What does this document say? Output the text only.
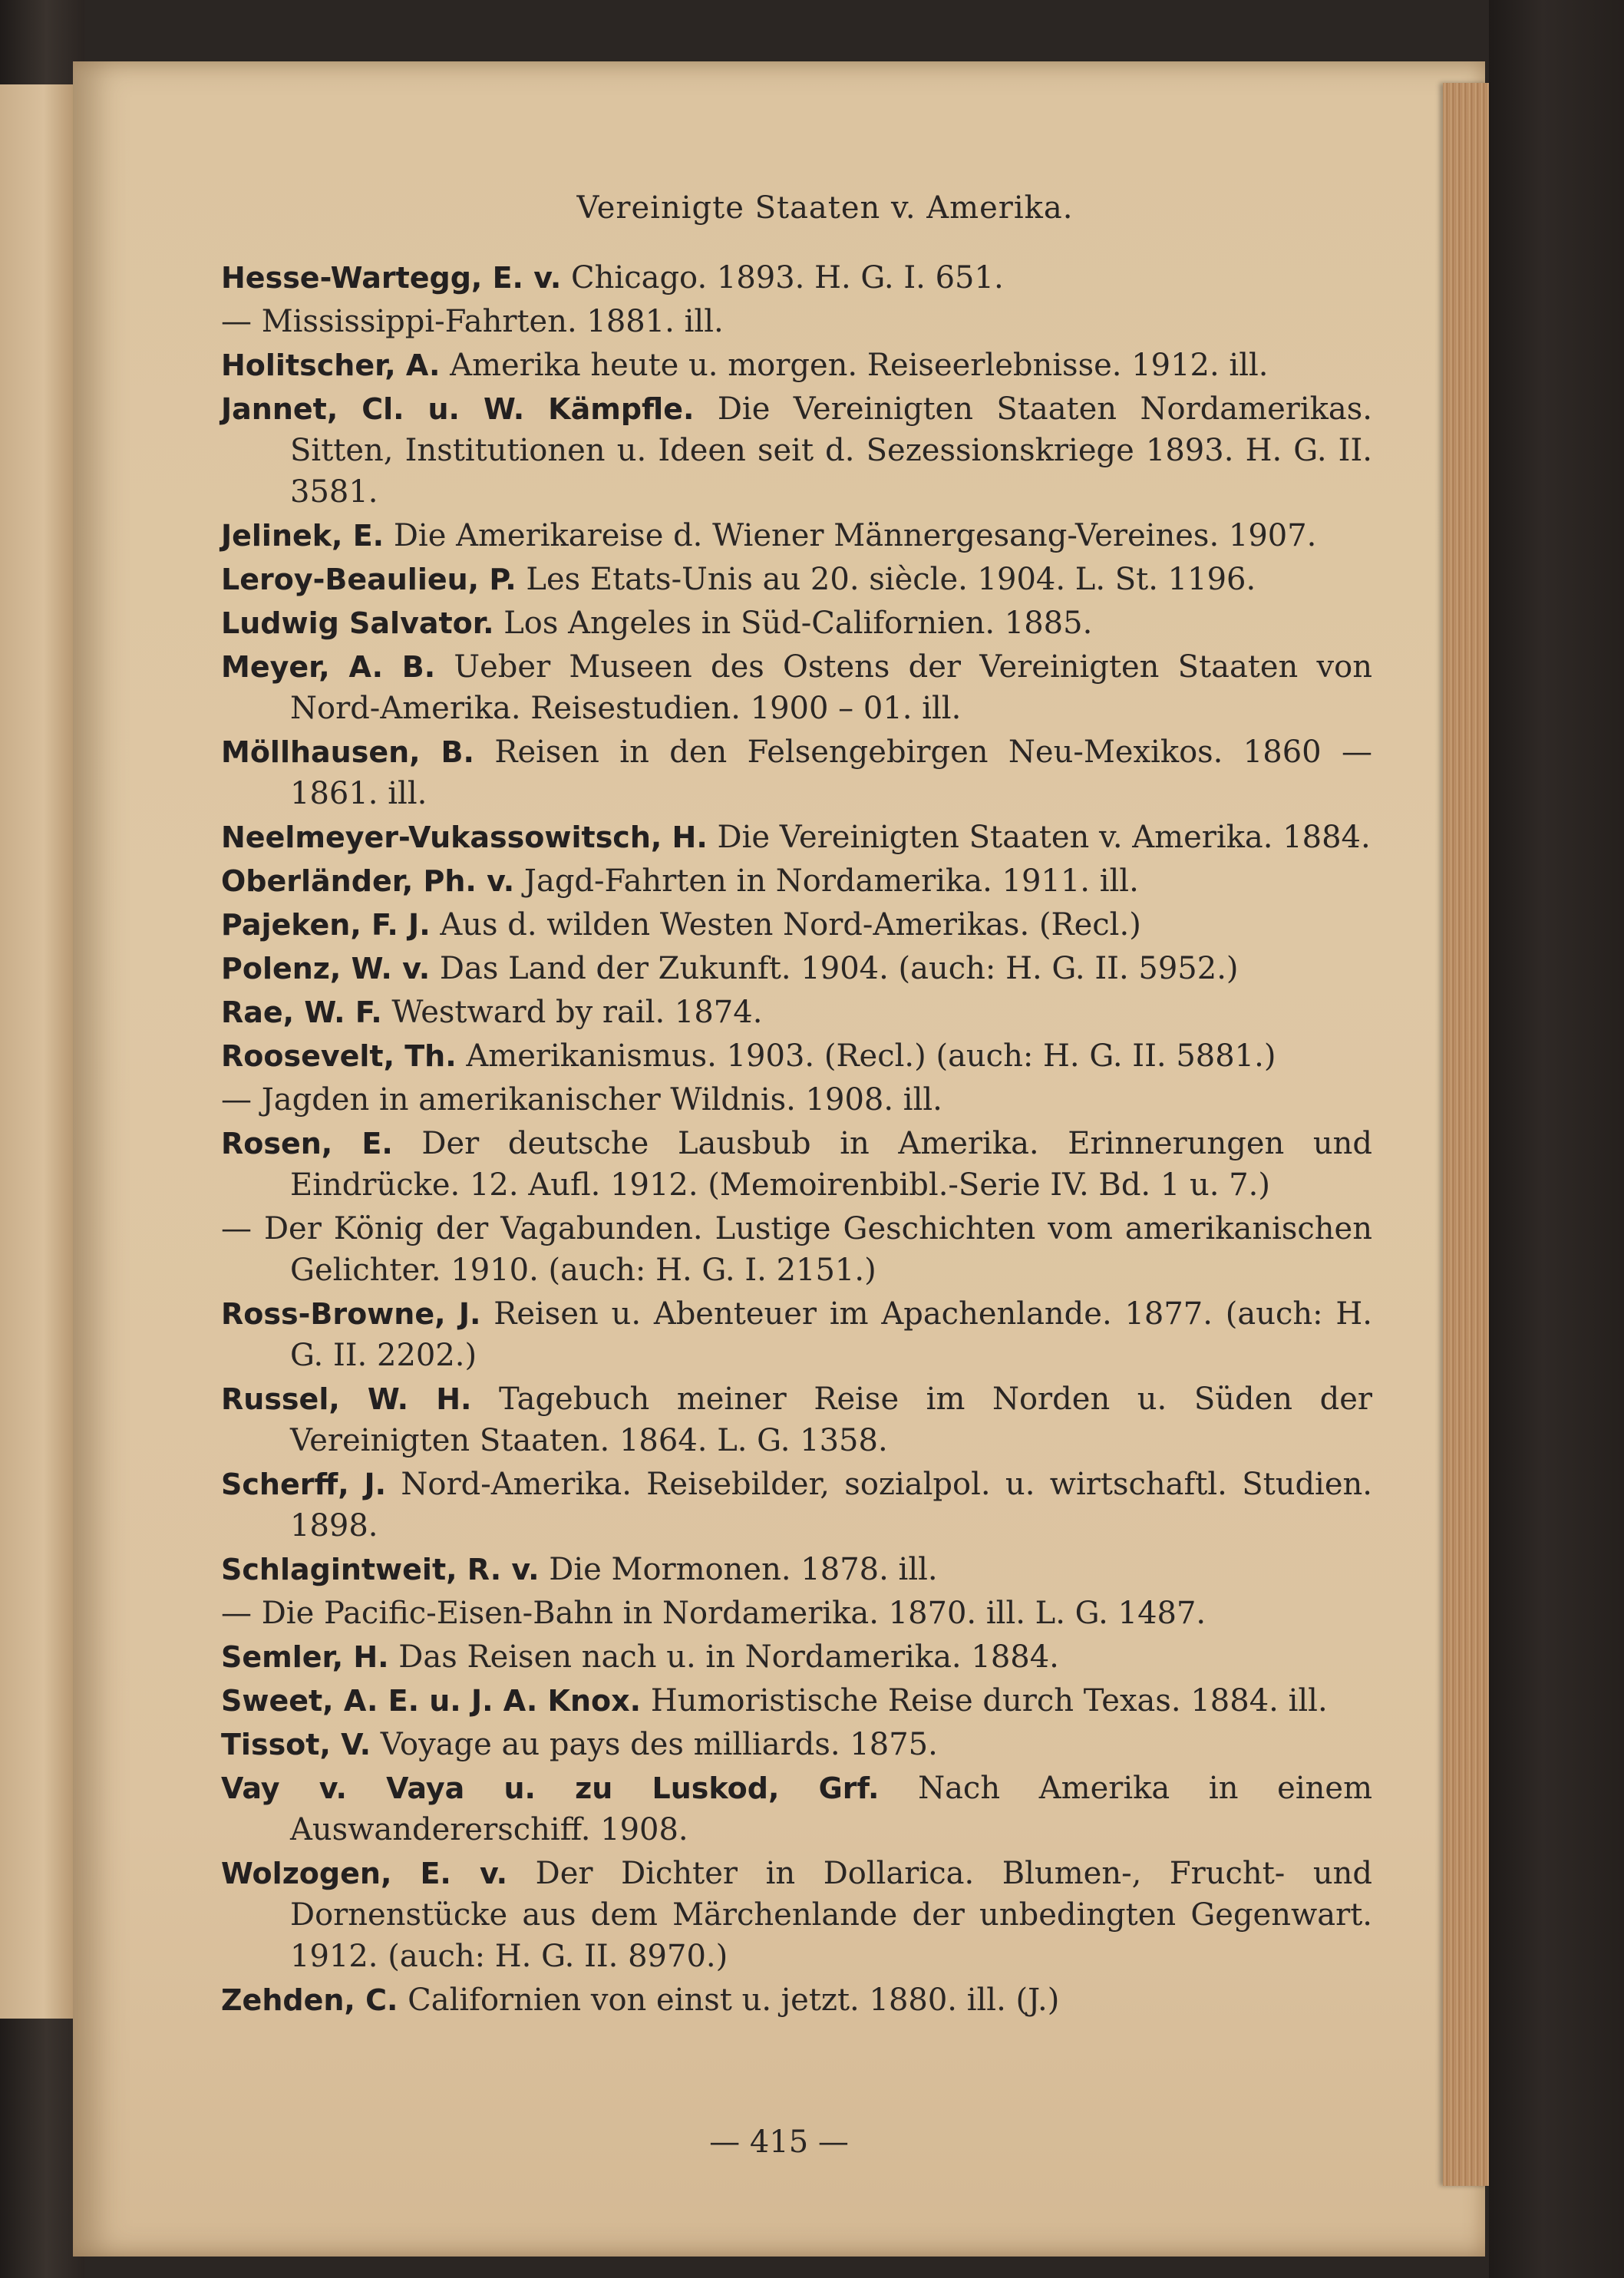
Vereinigte Staaten v. Amerika.

Hesse-Wartegg, E. v. Chicago. 1893. H. G. I. 651.

— Mississippi-Fahrten. 1881. ill.

Holitscher, A. Amerika heute u. morgen. Reiseerlebnisse. 1912. ill.

Jannet, Cl. u. W. Kämpfle. Die Vereinigten Staaten Nordamerikas. Sitten, Institutionen u. Ideen seit d. Sezessionskriege 1893. H. G. II. 3581.

Jelinek, E. Die Amerikareise d. Wiener Männergesang-Vereines. 1907.

Leroy-Beaulieu, P. Les Etats-Unis au 20. siècle. 1904. L. St. 1196.

Ludwig Salvator. Los Angeles in Süd-Californien. 1885.

Meyer, A. B. Ueber Museen des Ostens der Vereinigten Staaten von Nord-Amerika. Reisestudien. 1900 – 01. ill.

Möllhausen, B. Reisen in den Felsengebirgen Neu-Mexikos. 1860 — 1861. ill.

Neelmeyer-Vukassowitsch, H. Die Vereinigten Staaten v. Amerika. 1884.

Oberländer, Ph. v. Jagd-Fahrten in Nordamerika. 1911. ill.

Pajeken, F. J. Aus d. wilden Westen Nord-Amerikas. (Recl.)

Polenz, W. v. Das Land der Zukunft. 1904. (auch: H. G. II. 5952.)

Rae, W. F. Westward by rail. 1874.

Roosevelt, Th. Amerikanismus. 1903. (Recl.) (auch: H. G. II. 5881.)

— Jagden in amerikanischer Wildnis. 1908. ill.

Rosen, E. Der deutsche Lausbub in Amerika. Erinnerungen und Eindrücke. 12. Aufl. 1912. (Memoirenbibl.-Serie IV. Bd. 1 u. 7.)

— Der König der Vagabunden. Lustige Geschichten vom amerikanischen Gelichter. 1910. (auch: H. G. I. 2151.)

Ross-Browne, J. Reisen u. Abenteuer im Apachenlande. 1877. (auch: H. G. II. 2202.)

Russel, W. H. Tagebuch meiner Reise im Norden u. Süden der Vereinigten Staaten. 1864. L. G. 1358.

Scherff, J. Nord-Amerika. Reisebilder, sozialpol. u. wirtschaftl. Studien. 1898.

Schlagintweit, R. v. Die Mormonen. 1878. ill.

— Die Pacific-Eisen-Bahn in Nordamerika. 1870. ill. L. G. 1487.

Semler, H. Das Reisen nach u. in Nordamerika. 1884.

Sweet, A. E. u. J. A. Knox. Humoristische Reise durch Texas. 1884. ill.

Tissot, V. Voyage au pays des milliards. 1875.

Vay v. Vaya u. zu Luskod, Grf. Nach Amerika in einem Auswandererschiff. 1908.

Wolzogen, E. v. Der Dichter in Dollarica. Blumen-, Frucht- und Dornenstücke aus dem Märchenlande der unbedingten Gegenwart. 1912. (auch: H. G. II. 8970.)

Zehden, C. Californien von einst u. jetzt. 1880. ill. (J.)

— 415 —
